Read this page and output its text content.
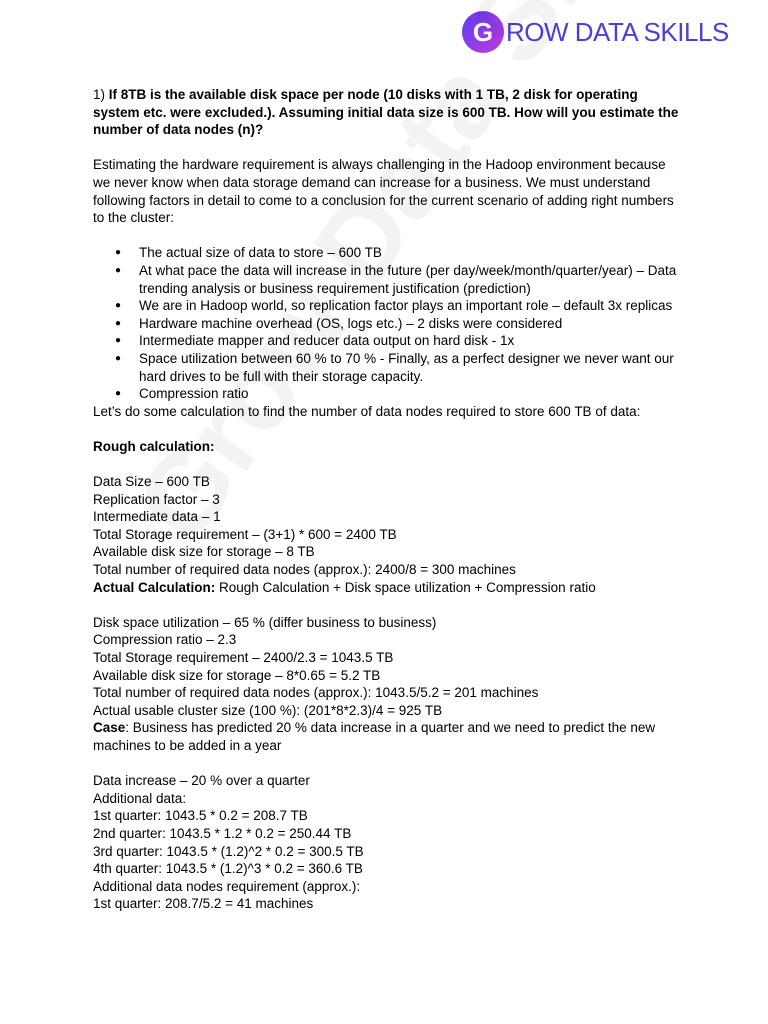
G ROW DATA SKILLS

1) If 8TB is the available disk space per node (10 disks with 1 TB, 2 disk for operating system etc. were excluded.). Assuming initial data size is 600 TB. How will you estimate the number of data nodes (n)?

Estimating the hardware requirement is always challenging in the Hadoop environment because we never know when data storage demand can increase for a business. We must understand following factors in detail to come to a conclusion for the current scenario of adding right numbers to the cluster:

● The actual size of data to store – 600 TB
● At what pace the data will increase in the future (per day/week/month/quarter/year) – Data trending analysis or business requirement justification (prediction)
● We are in Hadoop world, so replication factor plays an important role – default 3x replicas
● Hardware machine overhead (OS, logs etc.) – 2 disks were considered
● Intermediate mapper and reducer data output on hard disk - 1x
● Space utilization between 60 % to 70 % - Finally, as a perfect designer we never want our hard drives to be full with their storage capacity.
● Compression ratio

Let’s do some calculation to find the number of data nodes required to store 600 TB of data:

Rough calculation:

Data Size – 600 TB

Replication factor – 3

Intermediate data – 1

Total Storage requirement – (3+1) * 600 = 2400 TB

Available disk size for storage – 8 TB

Total number of required data nodes (approx.): 2400/8 = 300 machines

Actual Calculation: Rough Calculation + Disk space utilization + Compression ratio

Disk space utilization – 65 % (differ business to business)

Compression ratio – 2.3

Total Storage requirement – 2400/2.3 = 1043.5 TB

Available disk size for storage – 8*0.65 = 5.2 TB

Total number of required data nodes (approx.): 1043.5/5.2 = 201 machines

Actual usable cluster size (100 %): (201*8*2.3)/4 = 925 TB

Case: Business has predicted 20 % data increase in a quarter and we need to predict the new machines to be added in a year

Data increase – 20 % over a quarter

Additional data:

1st quarter: 1043.5 * 0.2 = 208.7 TB

2nd quarter: 1043.5 * 1.2 * 0.2 = 250.44 TB

3rd quarter: 1043.5 * (1.2)^2 * 0.2 = 300.5 TB

4th quarter: 1043.5 * (1.2)^3 * 0.2 = 360.6 TB

Additional data nodes requirement (approx.):

1st quarter: 208.7/5.2 = 41 machines
